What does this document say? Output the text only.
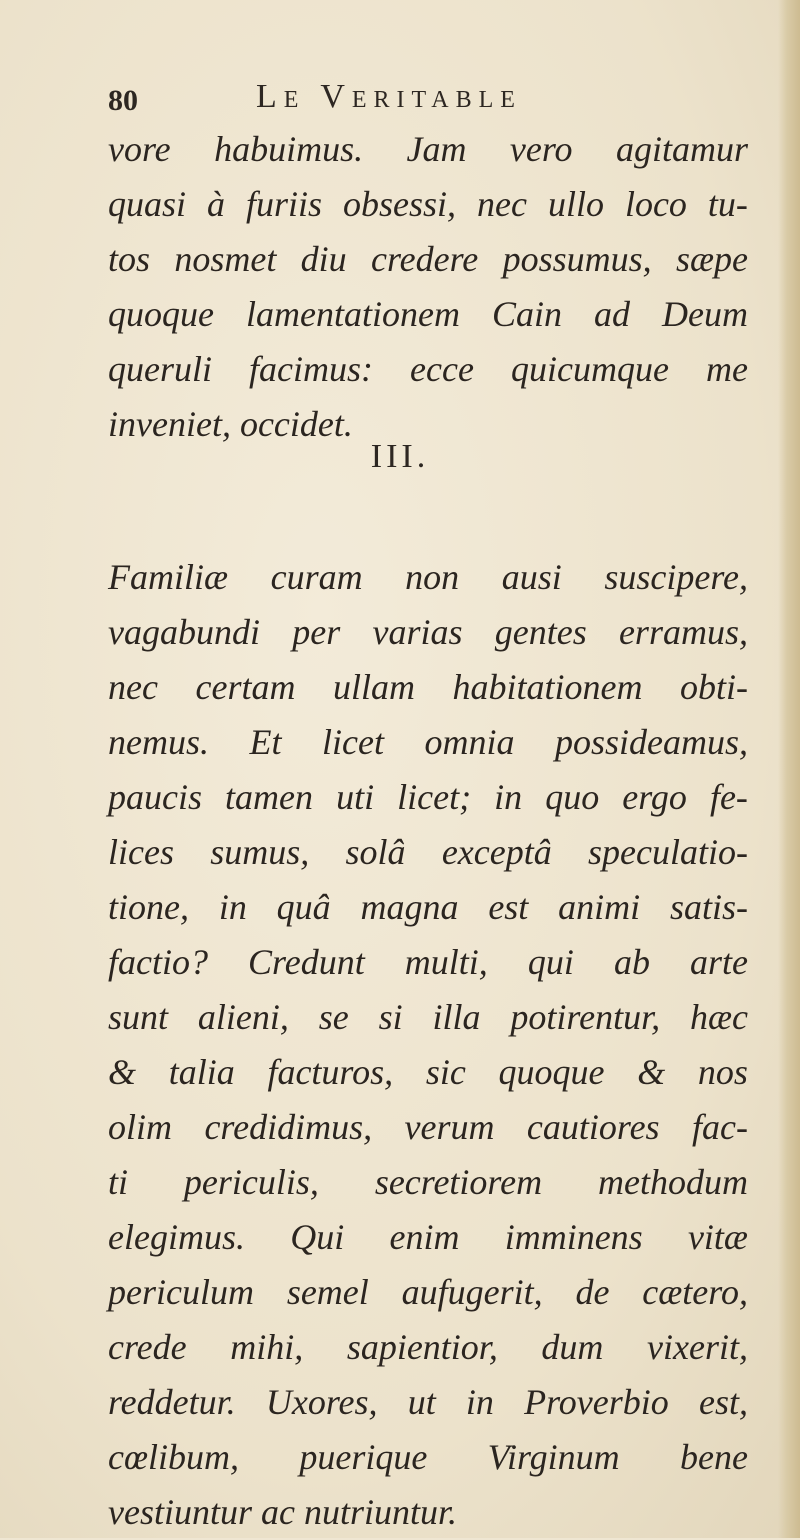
80	Le Veritable
vore habuimus. Jam vero agitamur
quasi à furiis obsessi, nec ullo loco tu-
tos nosmet diu credere possumus, sæpe
quoque lamentationem Cain ad Deum
queruli facimus: ecce quicumque me
inveniet, occidet.
III.
Familiæ curam non ausi suscipere,
vagabundi per varias gentes erramus,
nec certam ullam habitationem obti-
nemus. Et licet omnia possideamus,
paucis tamen uti licet; in quo ergo fe-
lices sumus, solâ exceptâ speculatio-
tione, in quâ magna est animi satis-
factio? Credunt multi, qui ab arte
sunt alieni, se si illa potirentur, hæc
& talia facturos, sic quoque & nos
olim credidimus, verum cautiores fac-
ti periculis, secretiorem methodum
elegimus. Qui enim imminens vitæ
periculum semel aufugerit, de cætero,
crede mihi, sapientior, dum vixerit,
reddetur. Uxores, ut in Proverbio est,
cœlibum, puerique Virginum bene
vestiuntur ac nutriuntur.
